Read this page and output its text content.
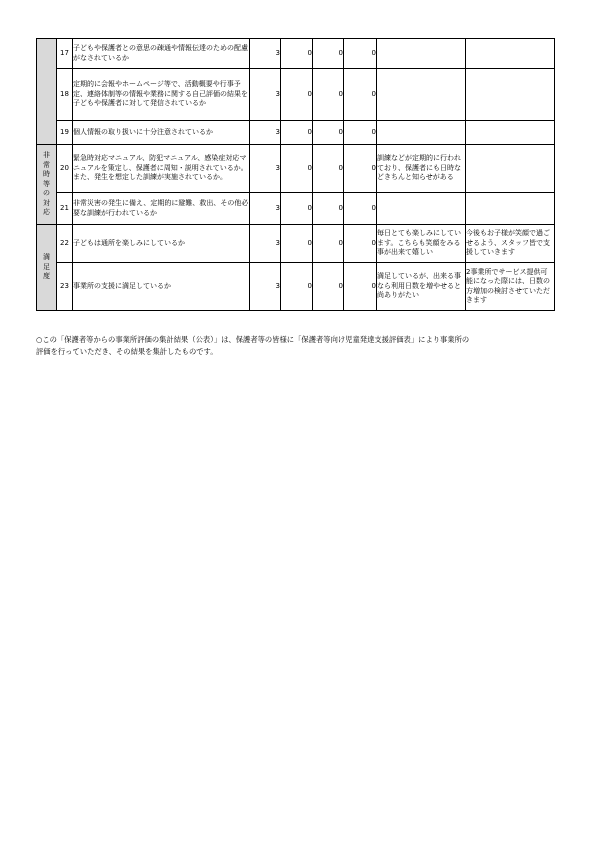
	17	子どもや保護者との意思の疎通や情報伝達のための配慮がなされているか	3	0	0	0		
	18	定期的に会報やホームページ等で、活動概要や行事予定、連絡体制等の情報や業務に関する自己評価の結果を子どもや保護者に対して発信されているか	3	0	0	0		
	19	個人情報の取り扱いに十分注意されているか	3	0	0	0		
非常時等の対応	20	緊急時対応マニュアル、防犯マニュアル、感染症対応マニュアルを策定し、保護者に周知・説明されているか。また、発生を想定した訓練が実施されているか。	3	0	0	0	訓練などが定期的に行われており、保護者にも日時などきちんと知らせがある	
	21	非常災害の発生に備え、定期的に避難、救出、その他必要な訓練が行われているか	3	0	0	0		
満足度	22	子どもは通所を楽しみにしているか	3	0	0	0	毎日とても楽しみにしています。こちらも笑顔をみる事が出来て嬉しい	今後もお子様が笑顔で過ごせるよう、スタッフ皆で支援していきます
	23	事業所の支援に満足しているか	3	0	0	0	満足しているが、出来る事なら利用日数を増やせると尚ありがたい	2事業所でサービス提供可能になった際には、日数の方増加の検討させていただきます
○この「保護者等からの事業所評価の集計結果（公表）」は、保護者等の皆様に「保護者等向け児童発達支援評価表」により事業所の評価を行っていただき、その結果を集計したものです。
